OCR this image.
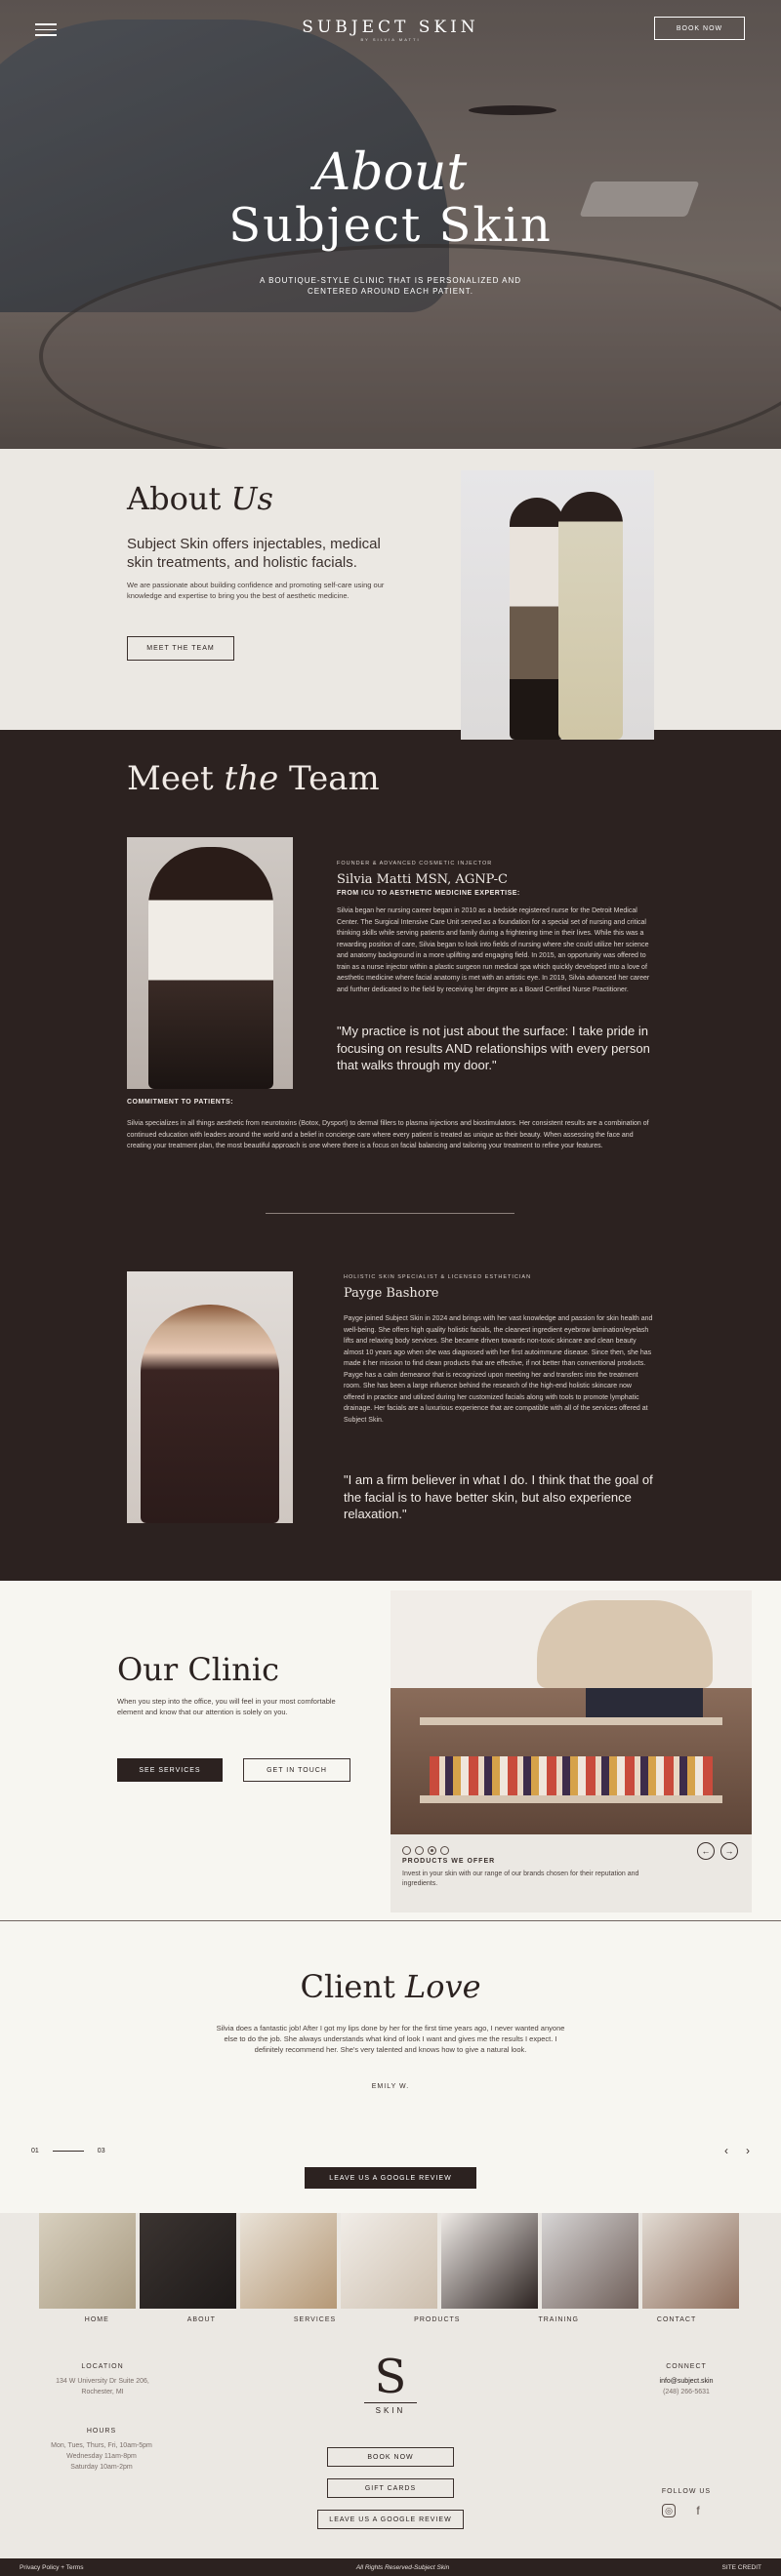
SUBJECT SKIN
BY SILVIA MATTI
BOOK NOW
About
Subject Skin
A BOUTIQUE-STYLE CLINIC THAT IS PERSONALIZED AND CENTERED AROUND EACH PATIENT.
About Us

Subject Skin offers injectables, medical skin treatments, and holistic facials.

We are passionate about building confidence and promoting self-care using our knowledge and expertise to bring you the best of aesthetic medicine.

MEET THE TEAM
Meet the Team
FOUNDER & ADVANCED COSMETIC INJECTOR
Silvia Matti MSN, AGNP-C
FROM ICU TO AESTHETIC MEDICINE EXPERTISE:

Silvia began her nursing career began in 2010 as a bedside registered nurse for the Detroit Medical Center. The Surgical Intensive Care Unit served as a foundation for a special set of nursing and critical thinking skills while serving patients and family during a frightening time in their lives. While this was a rewarding position of care, Silvia began to look into fields of nursing where she could utilize her science and anatomy background in a more uplifting and engaging field. In 2015, an opportunity was offered to train as a nurse injector within a plastic surgeon run medical spa which quickly developed into a love of aesthetic medicine where facial anatomy is met with an artistic eye. In 2019, Silvia advanced her career and further dedicated to the field by receiving her degree as a Board Certified Nurse Practitioner.

"My practice is not just about the surface: I take pride in focusing on results AND relationships with every person that walks through my door."

COMMITMENT TO PATIENTS:

Silvia specializes in all things aesthetic from neurotoxins (Botox, Dysport) to dermal fillers to plasma injections and biostimulators. Her consistent results are a combination of continued education with leaders around the world and a belief in concierge care where every patient is treated as unique as their beauty. When assessing the face and creating your treatment plan, the most beautiful approach is one where there is a focus on facial balancing and tailoring your treatment to refine your features.

HOLISTIC SKIN SPECIALIST & LICENSED ESTHETICIAN
Payge Bashore

Payge joined Subject Skin in 2024 and brings with her vast knowledge and passion for skin health and well-being. She offers high quality holistic facials, the cleanest ingredient eyebrow lamination/eyelash lifts and relaxing body services. She became driven towards non-toxic skincare and clean beauty almost 10 years ago when she was diagnosed with her first autoimmune disease. Since then, she has made it her mission to find clean products that are effective, if not better than conventional products. Payge has a calm demeanor that is recognized upon meeting her and transfers into the treatment room. She has been a large influence behind the research of the high-end holistic skincare now offered in practice and utilized during her customized facials along with tools to promote lymphatic drainage. Her facials are a luxurious experience that are compatible with all of the services offered at Subject Skin.

"I am a firm believer in what I do. I think that the goal of the facial is to have better skin, but also experience relaxation."

Our Clinic

When you step into the office, you will feel in your most comfortable element and know that our attention is solely on you.

SEE SERVICES	GET IN TOUCH
←	→
PRODUCTS WE OFFER

Invest in your skin with our range of our brands chosen for their reputation and ingredients.

Client Love

Silvia does a fantastic job! After I got my lips done by her for the first time years ago, I never wanted anyone else to do the job. She always understands what kind of look I want and gives me the results I expect. I definitely recommend her. She's very talented and knows how to give a natural look.

EMILY W.
01	03	‹ ›
LEAVE US A GOOGLE REVIEW
HOME	ABOUT	SERVICES	PRODUCTS	TRAINING	CONTACT
LOCATION
134 W University Dr Suite 206,
Rochester, MI
HOURS
Mon, Tues, Thurs, Fri, 10am-5pm
Wednesday 11am-8pm
Saturday 10am-2pm
S
SKIN
BOOK NOW
GIFT CARDS
LEAVE US A GOOGLE REVIEW
CONNECT
info@subject.skin
(248) 266-5631
FOLLOW US
◎	f
Privacy Policy + Terms	All Rights Reserved-Subject Skin	SITE CREDIT
